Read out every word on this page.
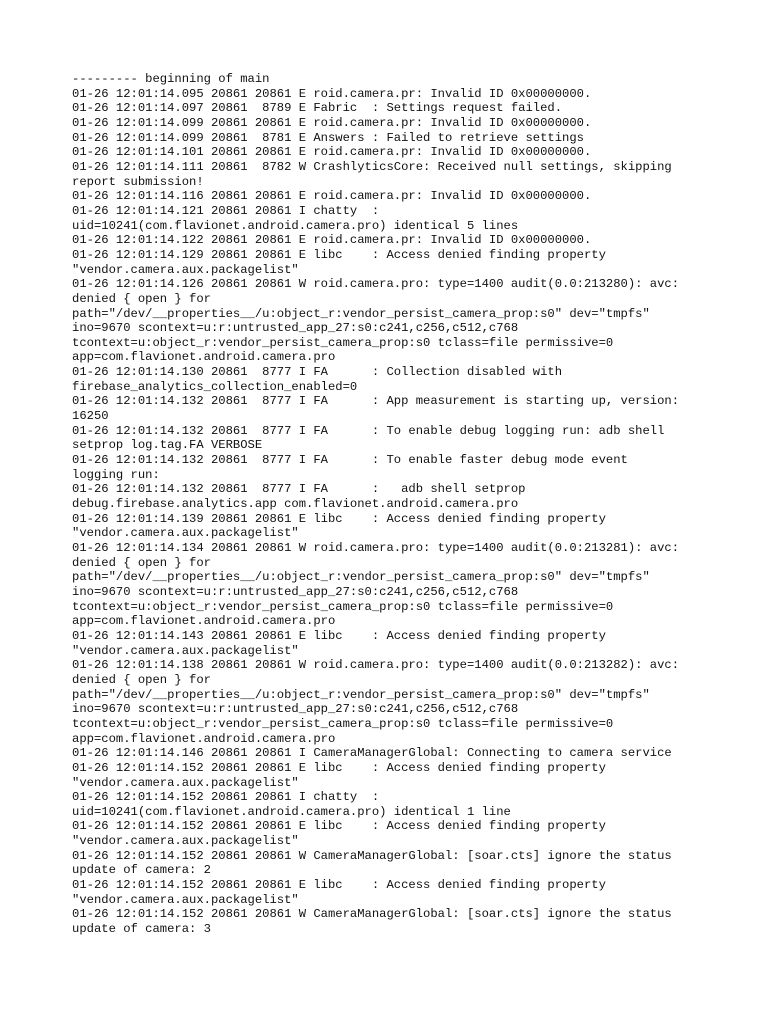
--------- beginning of main
01-26 12:01:14.095 20861 20861 E roid.camera.pr: Invalid ID 0x00000000.
01-26 12:01:14.097 20861  8789 E Fabric  : Settings request failed.
01-26 12:01:14.099 20861 20861 E roid.camera.pr: Invalid ID 0x00000000.
01-26 12:01:14.099 20861  8781 E Answers : Failed to retrieve settings
01-26 12:01:14.101 20861 20861 E roid.camera.pr: Invalid ID 0x00000000.
01-26 12:01:14.111 20861  8782 W CrashlyticsCore: Received null settings, skipping
report submission!
01-26 12:01:14.116 20861 20861 E roid.camera.pr: Invalid ID 0x00000000.
01-26 12:01:14.121 20861 20861 I chatty  :
uid=10241(com.flavionet.android.camera.pro) identical 5 lines
01-26 12:01:14.122 20861 20861 E roid.camera.pr: Invalid ID 0x00000000.
01-26 12:01:14.129 20861 20861 E libc    : Access denied finding property
"vendor.camera.aux.packagelist"
01-26 12:01:14.126 20861 20861 W roid.camera.pro: type=1400 audit(0.0:213280): avc:
denied { open } for
path="/dev/__properties__/u:object_r:vendor_persist_camera_prop:s0" dev="tmpfs"
ino=9670 scontext=u:r:untrusted_app_27:s0:c241,c256,c512,c768
tcontext=u:object_r:vendor_persist_camera_prop:s0 tclass=file permissive=0
app=com.flavionet.android.camera.pro
01-26 12:01:14.130 20861  8777 I FA      : Collection disabled with
firebase_analytics_collection_enabled=0
01-26 12:01:14.132 20861  8777 I FA      : App measurement is starting up, version:
16250
01-26 12:01:14.132 20861  8777 I FA      : To enable debug logging run: adb shell
setprop log.tag.FA VERBOSE
01-26 12:01:14.132 20861  8777 I FA      : To enable faster debug mode event
logging run:
01-26 12:01:14.132 20861  8777 I FA      :   adb shell setprop
debug.firebase.analytics.app com.flavionet.android.camera.pro
01-26 12:01:14.139 20861 20861 E libc    : Access denied finding property
"vendor.camera.aux.packagelist"
01-26 12:01:14.134 20861 20861 W roid.camera.pro: type=1400 audit(0.0:213281): avc:
denied { open } for
path="/dev/__properties__/u:object_r:vendor_persist_camera_prop:s0" dev="tmpfs"
ino=9670 scontext=u:r:untrusted_app_27:s0:c241,c256,c512,c768
tcontext=u:object_r:vendor_persist_camera_prop:s0 tclass=file permissive=0
app=com.flavionet.android.camera.pro
01-26 12:01:14.143 20861 20861 E libc    : Access denied finding property
"vendor.camera.aux.packagelist"
01-26 12:01:14.138 20861 20861 W roid.camera.pro: type=1400 audit(0.0:213282): avc:
denied { open } for
path="/dev/__properties__/u:object_r:vendor_persist_camera_prop:s0" dev="tmpfs"
ino=9670 scontext=u:r:untrusted_app_27:s0:c241,c256,c512,c768
tcontext=u:object_r:vendor_persist_camera_prop:s0 tclass=file permissive=0
app=com.flavionet.android.camera.pro
01-26 12:01:14.146 20861 20861 I CameraManagerGlobal: Connecting to camera service
01-26 12:01:14.152 20861 20861 E libc    : Access denied finding property
"vendor.camera.aux.packagelist"
01-26 12:01:14.152 20861 20861 I chatty  :
uid=10241(com.flavionet.android.camera.pro) identical 1 line
01-26 12:01:14.152 20861 20861 E libc    : Access denied finding property
"vendor.camera.aux.packagelist"
01-26 12:01:14.152 20861 20861 W CameraManagerGlobal: [soar.cts] ignore the status
update of camera: 2
01-26 12:01:14.152 20861 20861 E libc    : Access denied finding property
"vendor.camera.aux.packagelist"
01-26 12:01:14.152 20861 20861 W CameraManagerGlobal: [soar.cts] ignore the status
update of camera: 3
